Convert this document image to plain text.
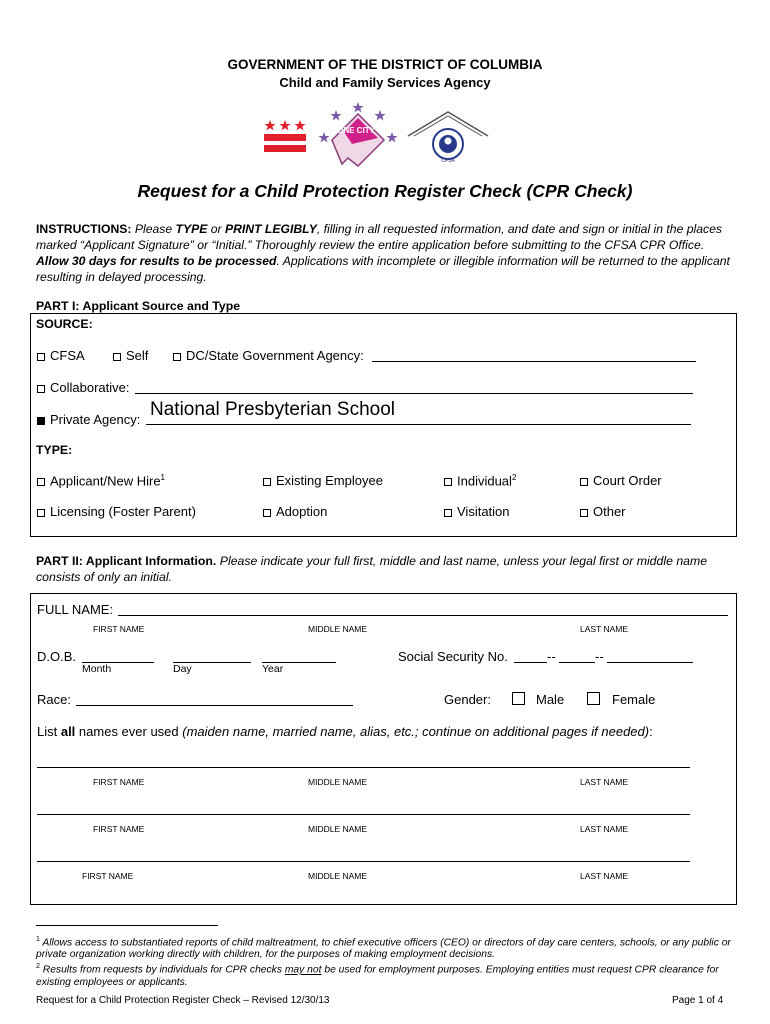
GOVERNMENT OF THE DISTRICT OF COLUMBIA
Child and Family Services Agency
ONE CITY
CFSA
Request for a Child Protection Register Check (CPR Check)
INSTRUCTIONS: Please TYPE or PRINT LEGIBLY, filling in all requested information, and date and sign or initial in the places marked “Applicant Signature” or “Initial.” Thoroughly review the entire application before submitting to the CFSA CPR Office. Allow 30 days for results to be processed. Applications with incomplete or illegible information will be returned to the applicant resulting in delayed processing.
PART I: Applicant Source and Type
SOURCE:
CFSA	Self	DC/State Government Agency:
Collaborative:
Private Agency: National Presbyterian School
TYPE:
Applicant/New Hire$^1$	Existing Employee	Individual$^2$	Court Order
Licensing (Foster Parent)	Adoption	Visitation	Other
PART II: Applicant Information. Please indicate your full first, middle and last name, unless your legal first or middle name consists of only an initial.
FULL NAME:
FIRST NAME	MIDDLE NAME	LAST NAME
D.O.B.
Month	Day	Year
Social Security No.	--	--
Race:	Gender:	Male	Female
List all names ever used (maiden name, married name, alias, etc.; continue on additional pages if needed):
FIRST NAME	MIDDLE NAME	LAST NAME
FIRST NAME	MIDDLE NAME	LAST NAME
FIRST NAME	MIDDLE NAME	LAST NAME
$^1$ Allows access to substantiated reports of child maltreatment, to chief executive officers (CEO) or directors of day care centers, schools, or any public or private organization working directly with children, for the purposes of making employment decisions.
$^2$ Results from requests by individuals for CPR checks may not be used for employment purposes. Employing entities must request CPR clearance for existing employees or applicants.
Request for a Child Protection Register Check – Revised 12/30/13	Page 1 of 4
